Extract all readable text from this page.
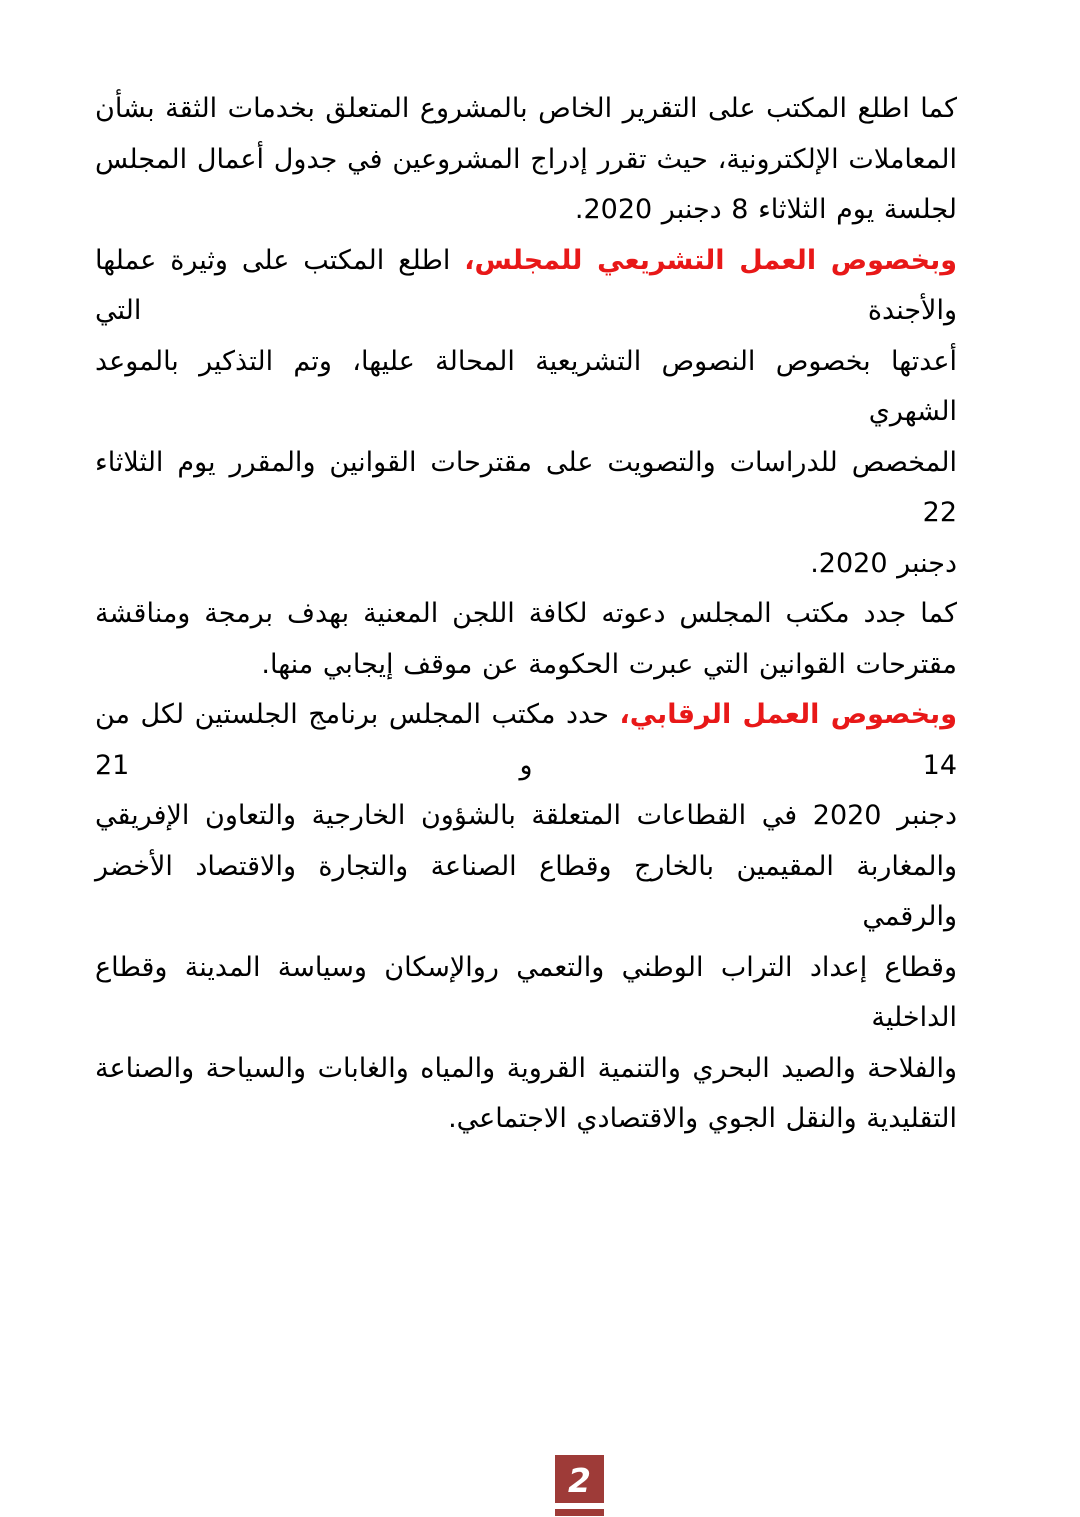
كما اطلع المكتب على التقرير الخاص بالمشروع المتعلق بخدمات الثقة بشأن
المعاملات الإلكترونية، حيث تقرر إدراج المشروعين في جدول أعمال المجلس
لجلسة يوم الثلاثاء 8 دجنبر 2020.
وبخصوص العمل التشريعي للمجلس، اطلع المكتب على وثيرة عملها والأجندة التي
أعدتها بخصوص النصوص التشريعية المحالة عليها، وتم التذكير بالموعد الشهري
المخصص للدراسات والتصويت على مقترحات القوانين والمقرر يوم الثلاثاء 22
دجنبر 2020.
كما جدد مكتب المجلس دعوته لكافة اللجن المعنية بهدف برمجة ومناقشة
مقترحات القوانين التي عبرت الحكومة عن موقف إيجابي منها.
وبخصوص العمل الرقابي، حدد مكتب المجلس برنامج الجلستين لكل من 14 و 21
دجنبر 2020 في القطاعات المتعلقة بالشؤون الخارجية والتعاون الإفريقي
والمغاربة المقيمين بالخارج وقطاع الصناعة والتجارة والاقتصاد الأخضر والرقمي
وقطاع إعداد التراب الوطني والتعمي روالإسكان وسياسة المدينة وقطاع الداخلية
والفلاحة والصيد البحري والتنمية القروية والمياه والغابات والسياحة والصناعة
التقليدية والنقل الجوي والاقتصادي الاجتماعي.
2
